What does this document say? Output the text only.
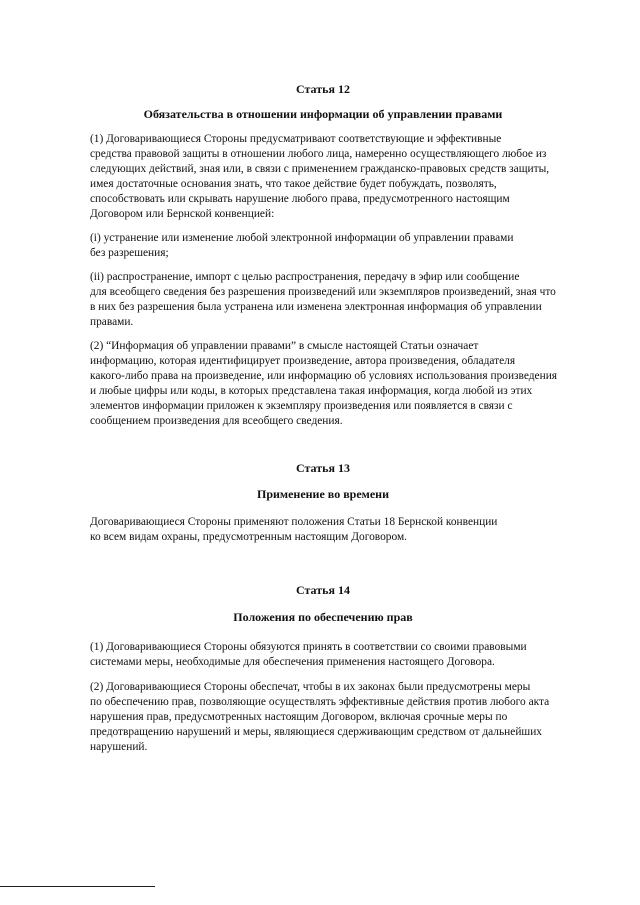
Статья 12
Обязательства в отношении информации об управлении правами
(1) Договаривающиеся Стороны предусматривают соответствующие и эффективные
средства правовой защиты в отношении любого лица, намеренно осуществляющего любое из
следующих действий, зная или, в связи с применением гражданско-правовых средств защиты,
имея достаточные основания знать, что такое действие будет побуждать, позволять,
способствовать или скрывать нарушение любого права, предусмотренного настоящим
Договором или Бернской конвенцией:
(i) устранение или изменение любой электронной информации об управлении правами
без разрешения;
(ii) распространение, импорт с целью распространения, передачу в эфир или сообщение
для всеобщего сведения без разрешения произведений или экземпляров произведений, зная что
в них без разрешения была устранена или изменена электронная информация об управлении
правами.
(2) “Информация об управлении правами” в смысле настоящей Статьи означает
информацию, которая идентифицирует произведение, автора произведения, обладателя
какого-либо права на произведение, или информацию об условиях использования произведения
и любые цифры или коды, в которых представлена такая информация, когда любой из этих
элементов информации приложен к экземпляру произведения или появляется в связи с
сообщением произведения для всеобщего сведения.
Статья 13
Применение во времени
Договаривающиеся Стороны применяют положения Статьи 18 Бернской конвенции
ко всем видам охраны, предусмотренным настоящим Договором.
Статья 14
Положения по обеспечению прав
(1) Договаривающиеся Стороны обязуются принять в соответствии со своими правовыми
системами меры, необходимые для обеспечения применения настоящего Договора.
(2) Договаривающиеся Стороны обеспечат, чтобы в их законах были предусмотрены меры
по обеспечению прав, позволяющие осуществлять эффективные действия против любого акта
нарушения прав, предусмотренных настоящим Договором, включая срочные меры по
предотвращению нарушений и меры, являющиеся сдерживающим средством от дальнейших
нарушений.
